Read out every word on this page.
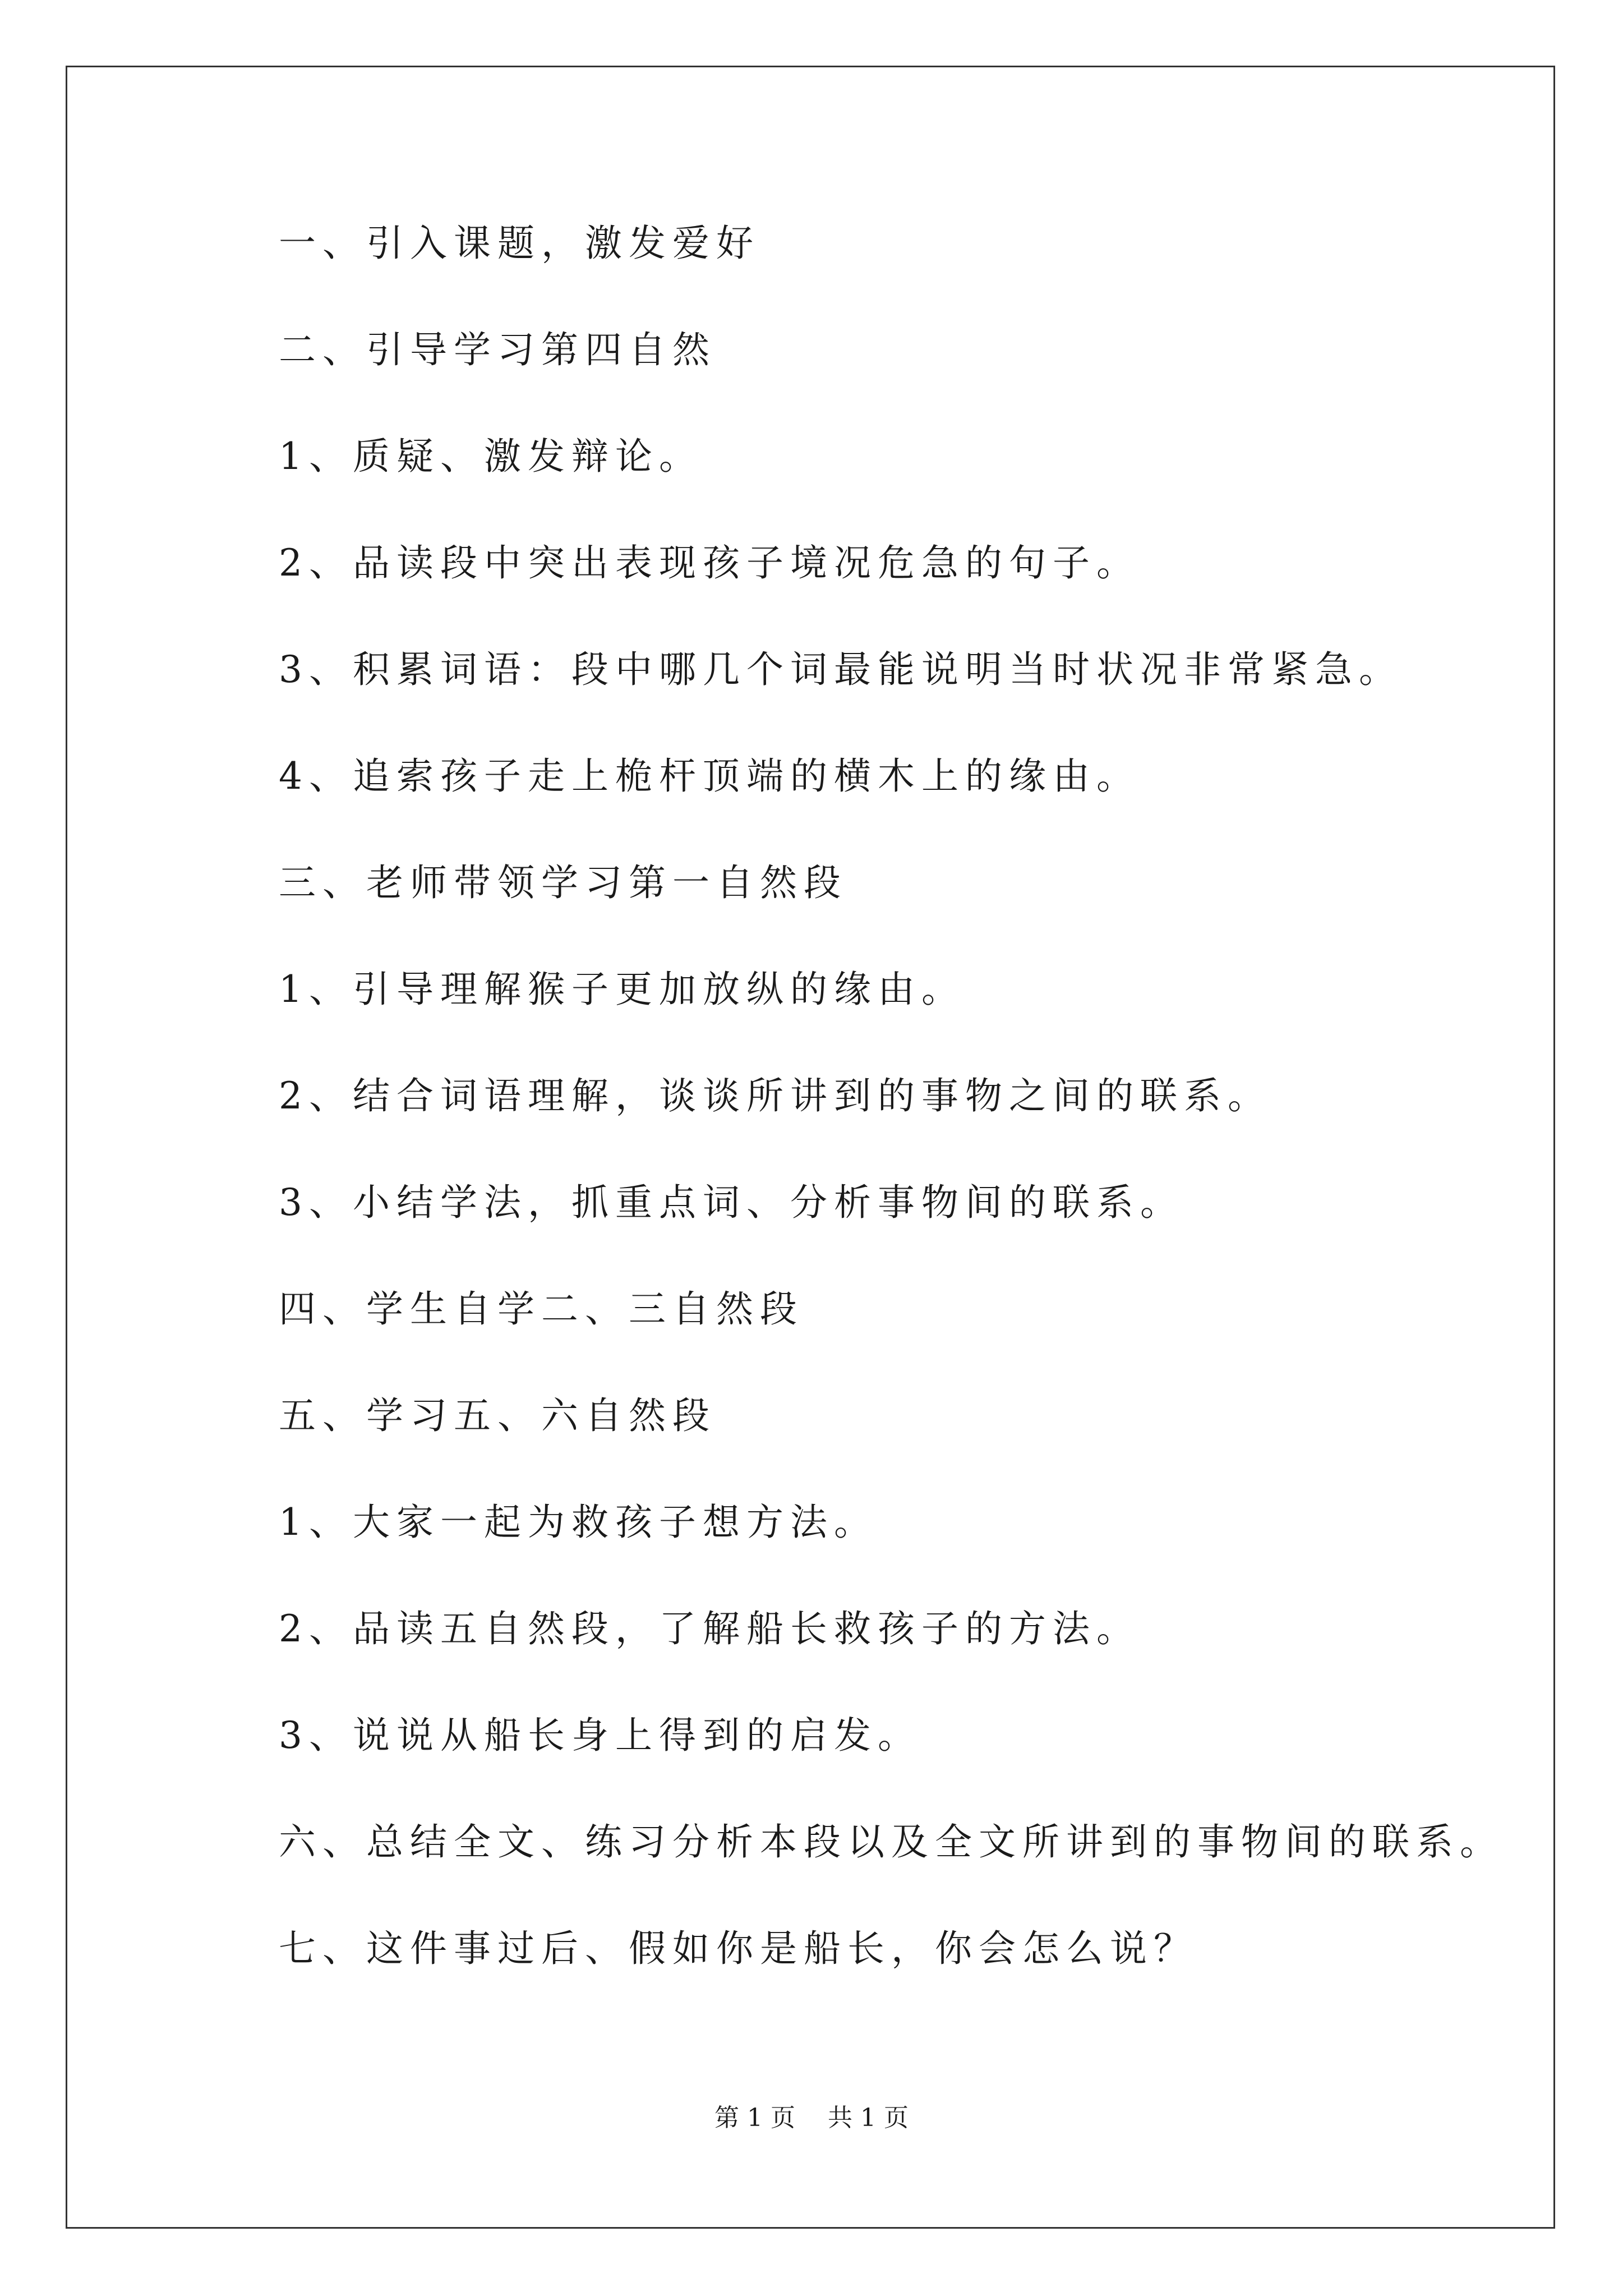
一、引入课题，激发爱好
二、引导学习第四自然
1、质疑、激发辩论。
2、品读段中突出表现孩子境况危急的句子。
3、积累词语：段中哪几个词最能说明当时状况非常紧急。
4、追索孩子走上桅杆顶端的横木上的缘由。
三、老师带领学习第一自然段
1、引导理解猴子更加放纵的缘由。
2、结合词语理解，谈谈所讲到的事物之间的联系。
3、小结学法，抓重点词、分析事物间的联系。
四、学生自学二、三自然段
五、学习五、六自然段
1、大家一起为救孩子想方法。
2、品读五自然段，了解船长救孩子的方法。
3、说说从船长身上得到的启发。
六、总结全文、练习分析本段以及全文所讲到的事物间的联系。
七、这件事过后、假如你是船长，你会怎么说？
第 1 页 共 1 页
